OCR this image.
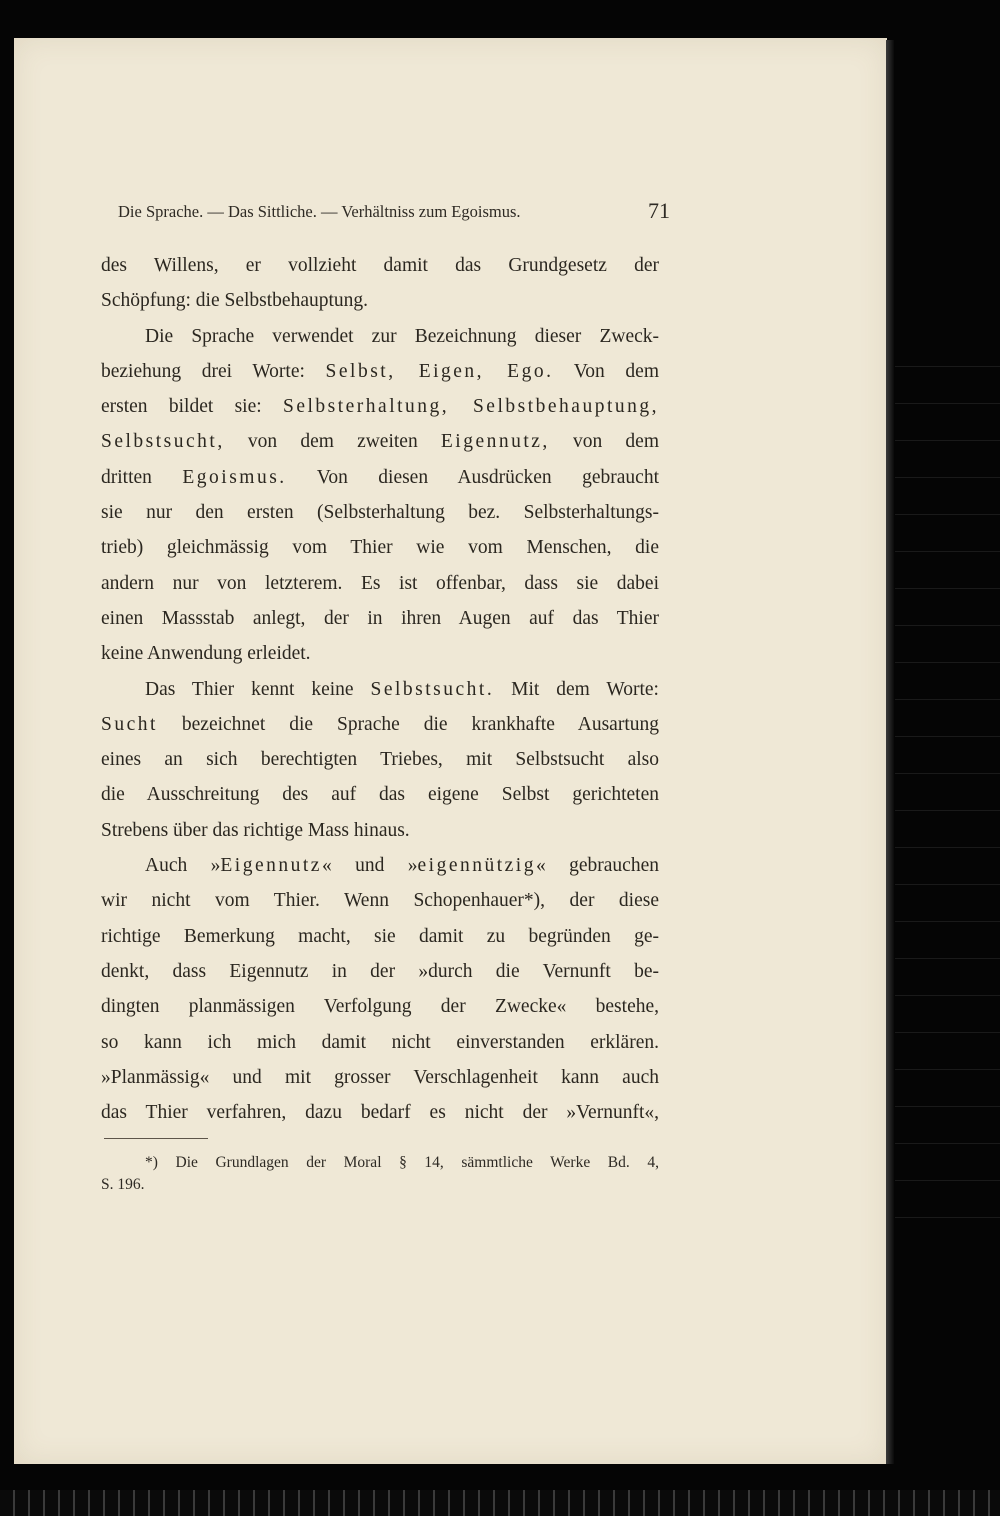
Die Sprache. — Das Sittliche. — Verhältniss zum Egoismus.	71

des Willens, er vollzieht damit das Grundgesetz der
Schöpfung: die Selbstbehauptung.

Die Sprache verwendet zur Bezeichnung dieser Zweck-
beziehung drei Worte: Selbst, Eigen, Ego. Von dem
ersten bildet sie: Selbsterhaltung, Selbstbehauptung,
Selbstsucht, von dem zweiten Eigennutz, von dem
dritten Egoismus. Von diesen Ausdrücken gebraucht
sie nur den ersten (Selbsterhaltung bez. Selbsterhaltungs-
trieb) gleichmässig vom Thier wie vom Menschen, die
andern nur von letzterem. Es ist offenbar, dass sie dabei
einen Massstab anlegt, der in ihren Augen auf das Thier
keine Anwendung erleidet.

Das Thier kennt keine Selbstsucht. Mit dem Worte:
Sucht bezeichnet die Sprache die krankhafte Ausartung
eines an sich berechtigten Triebes, mit Selbstsucht also
die Ausschreitung des auf das eigene Selbst gerichteten
Strebens über das richtige Mass hinaus.

Auch »Eigennutz« und »eigennützig« gebrauchen
wir nicht vom Thier. Wenn Schopenhauer*), der diese
richtige Bemerkung macht, sie damit zu begründen ge-
denkt, dass Eigennutz in der »durch die Vernunft be-
dingten planmässigen Verfolgung der Zwecke« bestehe,
so kann ich mich damit nicht einverstanden erklären.
»Planmässig« und mit grosser Verschlagenheit kann auch
das Thier verfahren, dazu bedarf es nicht der »Vernunft«,

*) Die Grundlagen der Moral § 14, sämmtliche Werke Bd. 4,
S. 196.
